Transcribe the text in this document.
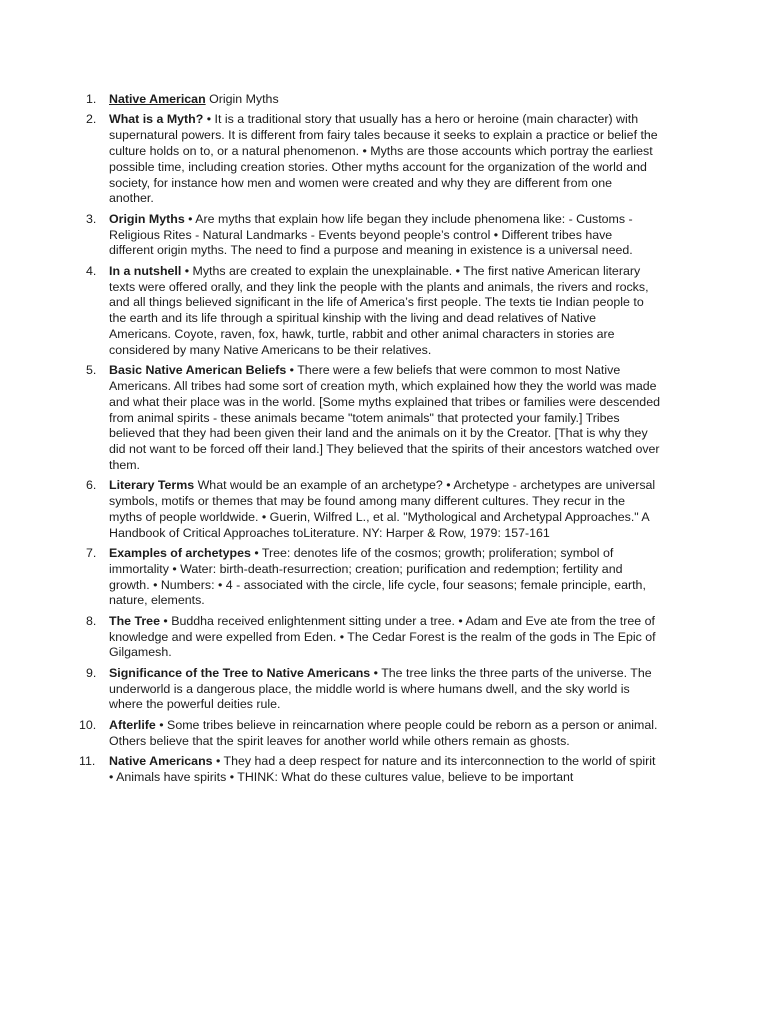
1.	Native American Origin Myths
2.	What is a Myth? • It is a traditional story that usually has a hero or heroine (main character) with supernatural powers. It is different from fairy tales because it seeks to explain a practice or belief the culture holds on to, or a natural phenomenon. • Myths are those accounts which portray the earliest possible time, including creation stories. Other myths account for the organization of the world and society, for instance how men and women were created and why they are different from one another.
3.	Origin Myths • Are myths that explain how life began they include phenomena like: - Customs - Religious Rites - Natural Landmarks - Events beyond people’s control • Different tribes have different origin myths. The need to find a purpose and meaning in existence is a universal need.
4.	In a nutshell • Myths are created to explain the unexplainable. • The first native American literary texts were offered orally, and they link the people with the plants and animals, the rivers and rocks, and all things believed significant in the life of America’s first people. The texts tie Indian people to the earth and its life through a spiritual kinship with the living and dead relatives of Native Americans. Coyote, raven, fox, hawk, turtle, rabbit and other animal characters in stories are considered by many Native Americans to be their relatives.
5.	Basic Native American Beliefs • There were a few beliefs that were common to most Native Americans. All tribes had some sort of creation myth, which explained how they the world was made and what their place was in the world. [Some myths explained that tribes or families were descended from animal spirits - these animals became "totem animals" that protected your family.] Tribes believed that they had been given their land and the animals on it by the Creator. [That is why they did not want to be forced off their land.] They believed that the spirits of their ancestors watched over them.
6.	Literary Terms What would be an example of an archetype? • Archetype - archetypes are universal symbols, motifs or themes that may be found among many different cultures. They recur in the myths of people worldwide. • Guerin, Wilfred L., et al. "Mythological and Archetypal Approaches." A Handbook of Critical Approaches toLiterature. NY: Harper & Row, 1979: 157-161
7.	Examples of archetypes • Tree: denotes life of the cosmos; growth; proliferation; symbol of immortality • Water: birth-death-resurrection; creation; purification and redemption; fertility and growth. • Numbers: • 4 - associated with the circle, life cycle, four seasons; female principle, earth, nature, elements.
8.	The Tree • Buddha received enlightenment sitting under a tree. • Adam and Eve ate from the tree of knowledge and were expelled from Eden. • The Cedar Forest is the realm of the gods in The Epic of Gilgamesh.
9.	Significance of the Tree to Native Americans • The tree links the three parts of the universe. The underworld is a dangerous place, the middle world is where humans dwell, and the sky world is where the powerful deities rule.
10.	Afterlife • Some tribes believe in reincarnation where people could be reborn as a person or animal. Others believe that the spirit leaves for another world while others remain as ghosts.
11.	Native Americans • They had a deep respect for nature and its interconnection to the world of spirit • Animals have spirits • THINK: What do these cultures value, believe to be important
